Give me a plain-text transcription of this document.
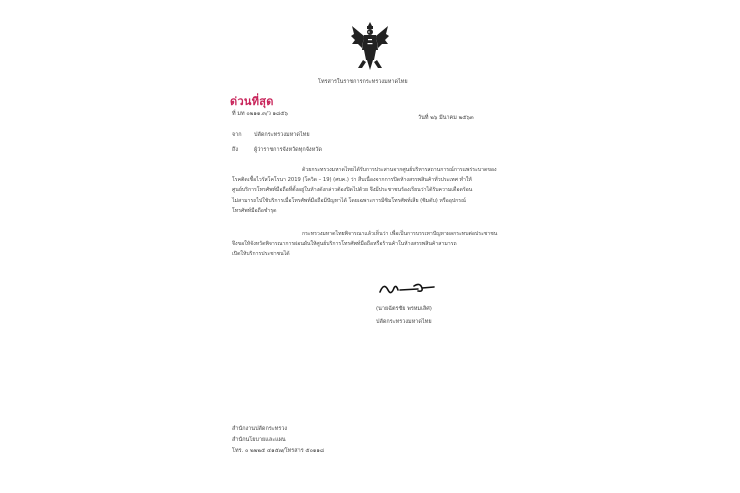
โทรสารในราชการกระทรวงมหาดไทย
ด่วนที่สุด
ที่ มท ๐๒๑๑.๓/ว ๑๘๕๖
วันที่ ๒๖ มีนาคม ๒๕๖๓
จาก ปลัดกระทรวงมหาดไทย
ถึง	ผู้ว่าราชการจังหวัดทุกจังหวัด
ด้วยกระทรวงมหาดไทยได้รับการประสานจากศูนย์บริหารสถานการณ์การแพร่ระบาดของ
โรคติดเชื้อไวรัสโคโรนา 2019 (โควิด – 19) (ศบค.) ว่า สืบเนื่องจากการปิดห้างสรรพสินค้าทั่วประเทศ ทำให้
ศูนย์บริการโทรศัพท์มือถือที่ตั้งอยู่ในห้างดังกล่าวต้องปิดไปด้วย จึงมีประชาชนร้องเรียนว่าได้รับความเดือดร้อน
ไม่สามารถไปใช้บริการเมื่อโทรศัพท์มือถือมีปัญหาได้ โดยเฉพาะการมีซิมโทรศัพท์เสีย (ซิมดับ) หรืออุปกรณ์
โทรศัพท์มือถือชำรุด
กระทรวงมหาดไทยพิจารณาแล้วเห็นว่า เพื่อเป็นการบรรเทาปัญหาผลกระทบต่อประชาชน
จึงขอให้จังหวัดพิจารณาการผ่อนผันให้ศูนย์บริการโทรศัพท์มือถือหรือร้านค้าในห้างสรรพสินค้าสามารถ
เปิดให้บริการประชาชนได้
(นายฉัตรชัย พรหมเลิศ)
ปลัดกระทรวงมหาดไทย
สำนักงานปลัดกระทรวง
สำนักนโยบายและแผน
โทร. ๐ ๒๒๒๕ ๔๑๕๗/โทรสาร ๕๐๑๑๘
